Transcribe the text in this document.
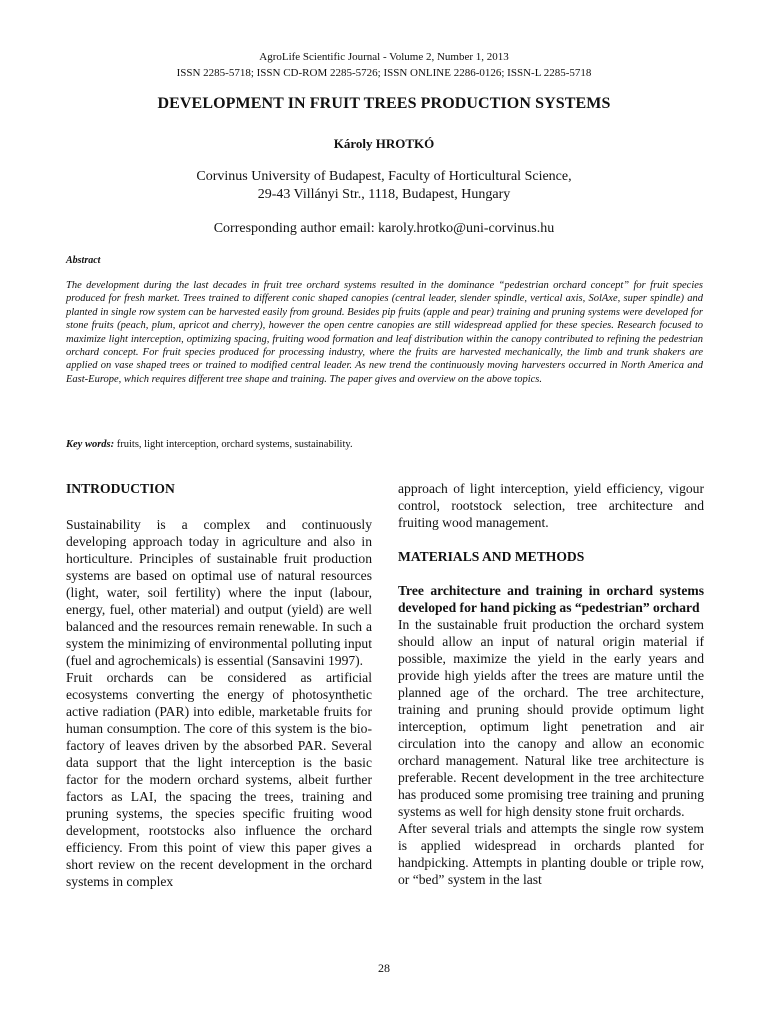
AgroLife Scientific Journal - Volume 2, Number 1, 2013
ISSN 2285-5718; ISSN CD-ROM 2285-5726; ISSN ONLINE 2286-0126; ISSN-L 2285-5718
DEVELOPMENT IN FRUIT TREES PRODUCTION SYSTEMS
Károly HROTKÓ
Corvinus University of Budapest, Faculty of Horticultural Science,
29-43 Villányi Str., 1118, Budapest, Hungary
Corresponding author email: karoly.hrotko@uni-corvinus.hu
Abstract
The development during the last decades in fruit tree orchard systems resulted in the dominance “pedestrian orchard concept” for fruit species produced for fresh market. Trees trained to different conic shaped canopies (central leader, slender spindle, vertical axis, SolAxe, super spindle) and planted in single row system can be harvested easily from ground. Besides pip fruits (apple and pear) training and pruning systems were developed for stone fruits (peach, plum, apricot and cherry), however the open centre canopies are still widespread applied for these species. Research focused to maximize light interception, optimizing spacing, fruiting wood formation and leaf distribution within the canopy contributed to refining the pedestrian orchard concept. For fruit species produced for processing industry, where the fruits are harvested mechanically, the limb and trunk shakers are applied on vase shaped trees or trained to modified central leader. As new trend the continuously moving harvesters occurred in North America and East-Europe, which requires different tree shape and training. The paper gives and overview on the above topics.
Key words: fruits, light interception, orchard systems, sustainability.
INTRODUCTION

Sustainability is a complex and continuously developing approach today in agriculture and also in horticulture. Principles of sustainable fruit production systems are based on optimal use of natural resources (light, water, soil fertility) where the input (labour, energy, fuel, other material) and output (yield) are well balanced and the resources remain renewable. In such a system the minimizing of environmental polluting input (fuel and agrochemicals) is essential (Sansavini 1997).

Fruit orchards can be considered as artificial ecosystems converting the energy of photosynthetic active radiation (PAR) into edible, marketable fruits for human consumption. The core of this system is the bio-factory of leaves driven by the absorbed PAR. Several data support that the light interception is the basic factor for the modern orchard systems, albeit further factors as LAI, the spacing the trees, training and pruning systems, the species specific fruiting wood development, rootstocks also influence the orchard efficiency. From this point of view this paper gives a short review on the recent development in the orchard systems in complex

approach of light interception, yield efficiency, vigour control, rootstock selection, tree architecture and fruiting wood management.

MATERIALS AND METHODS
Tree architecture and training in orchard systems developed for hand picking as “pedestrian” orchard

In the sustainable fruit production the orchard system should allow an input of natural origin material if possible, maximize the yield in the early years and provide high yields after the trees are mature until the planned age of the orchard. The tree architecture, training and pruning should provide optimum light interception, optimum light penetration and air circulation into the canopy and allow an economic orchard management. Natural like tree architecture is preferable. Recent development in the tree architecture has produced some promising tree training and pruning systems as well for high density stone fruit orchards.

After several trials and attempts the single row system is applied widespread in orchards planted for handpicking. Attempts in planting double or triple row, or “bed” system in the last

28
